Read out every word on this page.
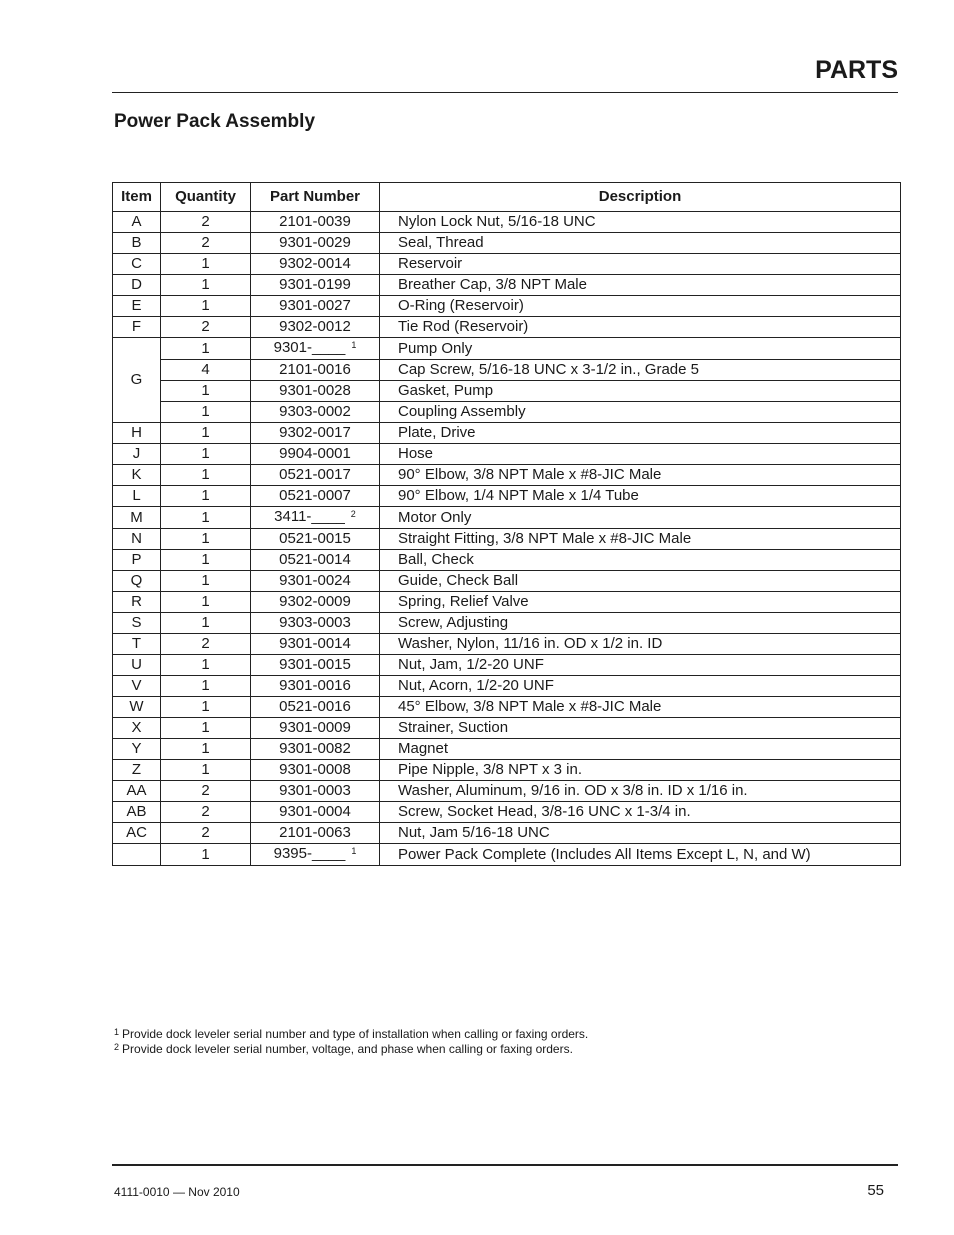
PARTS
Power Pack Assembly
Item	Quantity	Part Number	Description
A	2	2101-0039	Nylon Lock Nut, 5/16-18 UNC
B	2	9301-0029	Seal, Thread
C	1	9302-0014	Reservoir
D	1	9301-0199	Breather Cap, 3/8 NPT Male
E	1	9301-0027	O-Ring (Reservoir)
F	2	9302-0012	Tie Rod (Reservoir)
G	1	9301-____ $^1$	Pump Only
	4	2101-0016	Cap Screw, 5/16-18 UNC x 3-1/2 in., Grade 5
	1	9301-0028	Gasket, Pump
	1	9303-0002	Coupling Assembly
H	1	9302-0017	Plate, Drive
J	1	9904-0001	Hose
K	1	0521-0017	90° Elbow, 3/8 NPT Male x #8-JIC Male
L	1	0521-0007	90° Elbow, 1/4 NPT Male x 1/4 Tube
M	1	3411-____ $^2$	Motor Only
N	1	0521-0015	Straight Fitting, 3/8 NPT Male x #8-JIC Male
P	1	0521-0014	Ball, Check
Q	1	9301-0024	Guide, Check Ball
R	1	9302-0009	Spring, Relief Valve
S	1	9303-0003	Screw, Adjusting
T	2	9301-0014	Washer, Nylon, 11/16 in. OD x 1/2 in. ID
U	1	9301-0015	Nut, Jam, 1/2-20 UNF
V	1	9301-0016	Nut, Acorn, 1/2-20 UNF
W	1	0521-0016	45° Elbow, 3/8 NPT Male x #8-JIC Male
X	1	9301-0009	Strainer, Suction
Y	1	9301-0082	Magnet
Z	1	9301-0008	Pipe Nipple, 3/8 NPT x 3 in.
AA	2	9301-0003	Washer, Aluminum, 9/16 in. OD x 3/8 in. ID x 1/16 in.
AB	2	9301-0004	Screw, Socket Head, 3/8-16 UNC x 1-3/4 in.
AC	2	2101-0063	Nut, Jam 5/16-18 UNC
	1	9395-____ $^1$	Power Pack Complete (Includes All Items Except L, N, and W)
$^1$ Provide dock leveler serial number and type of installation when calling or faxing orders.
$^2$ Provide dock leveler serial number, voltage, and phase when calling or faxing orders.
4111-0010 — Nov 2010	55
